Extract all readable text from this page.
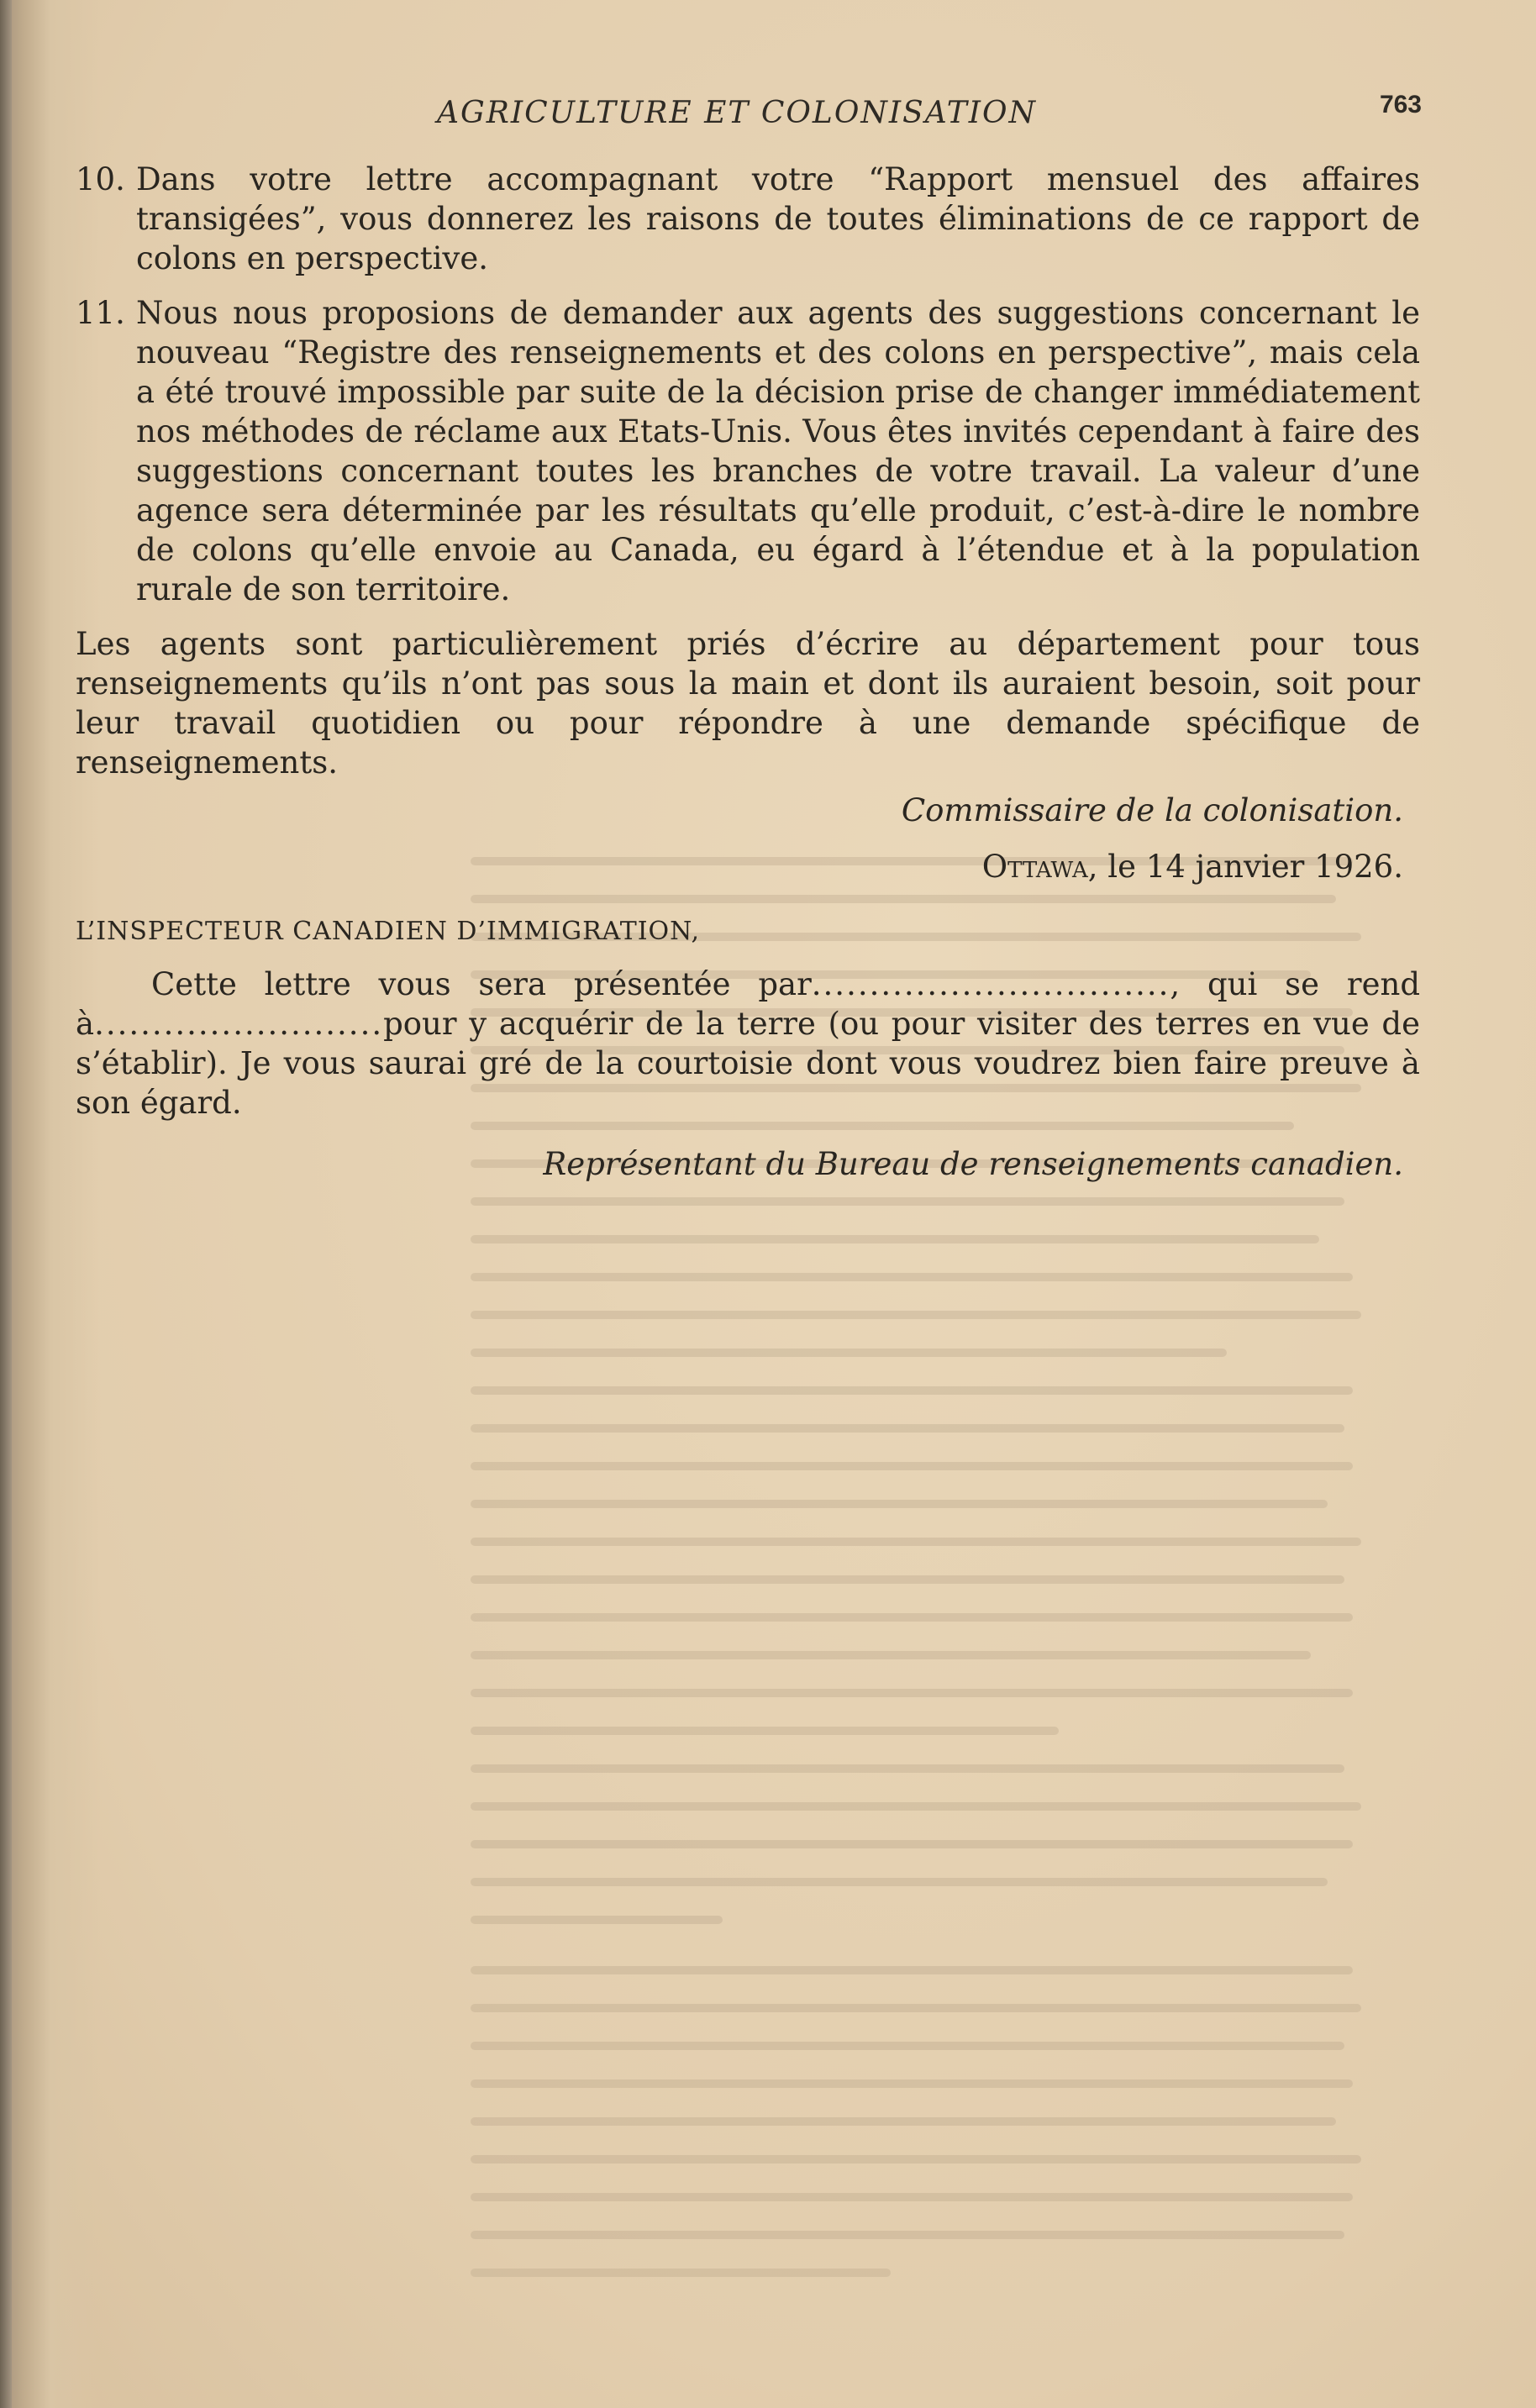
AGRICULTURE ET COLONISATION	763
10. Dans votre lettre accompagnant votre “Rapport mensuel des affaires transigées”, vous donnerez les raisons de toutes éliminations de ce rapport de colons en perspective.
11. Nous nous proposions de demander aux agents des suggestions concernant le nouveau “Registre des renseignements et des colons en perspective”, mais cela a été trouvé impossible par suite de la décision prise de changer immédiatement nos méthodes de réclame aux Etats-Unis. Vous êtes invités cependant à faire des suggestions concernant toutes les branches de votre travail. La valeur d’une agence sera déterminée par les résultats qu’elle produit, c’est-à-dire le nombre de colons qu’elle envoie au Canada, eu égard à l’étendue et à la population rurale de son territoire.
Les agents sont particulièrement priés d’écrire au département pour tous renseignements qu’ils n’ont pas sous la main et dont ils auraient besoin, soit pour leur travail quotidien ou pour répondre à une demande spécifique de renseignements.
Commissaire de la colonisation.
Ottawa, le 14 janvier 1926.
L’INSPECTEUR CANADIEN D’IMMIGRATION,
Cette lettre vous sera présentée par..............................., qui se rend à.........................pour y acquérir de la terre (ou pour visiter des terres en vue de s’établir). Je vous saurai gré de la courtoisie dont vous voudrez bien faire preuve à son égard.
Représentant du Bureau de renseignements canadien.
